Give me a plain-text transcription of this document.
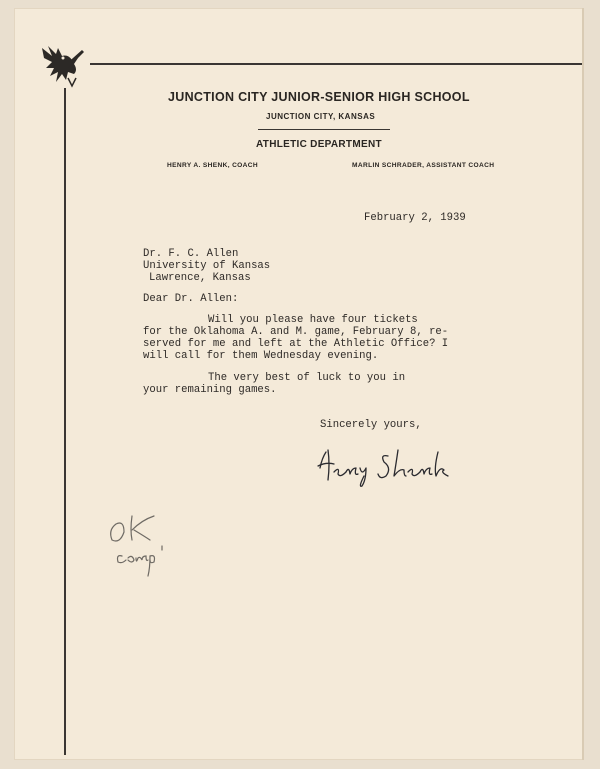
JUNCTION CITY JUNIOR-SENIOR HIGH SCHOOL
JUNCTION CITY, KANSAS
ATHLETIC DEPARTMENT
HENRY A. SHENK, COACH	MARLIN SCHRADER, ASSISTANT COACH
February 2, 1939
Dr. F. C. Allen
University of Kansas
Lawrence, Kansas
Dear Dr. Allen:
Will you please have four tickets
for the Oklahoma A. and M. game, February 8, re-
served for me and left at the Athletic Office? I
will call for them Wednesday evening.
The very best of luck to you in
your remaining games.
Sincerely yours,
